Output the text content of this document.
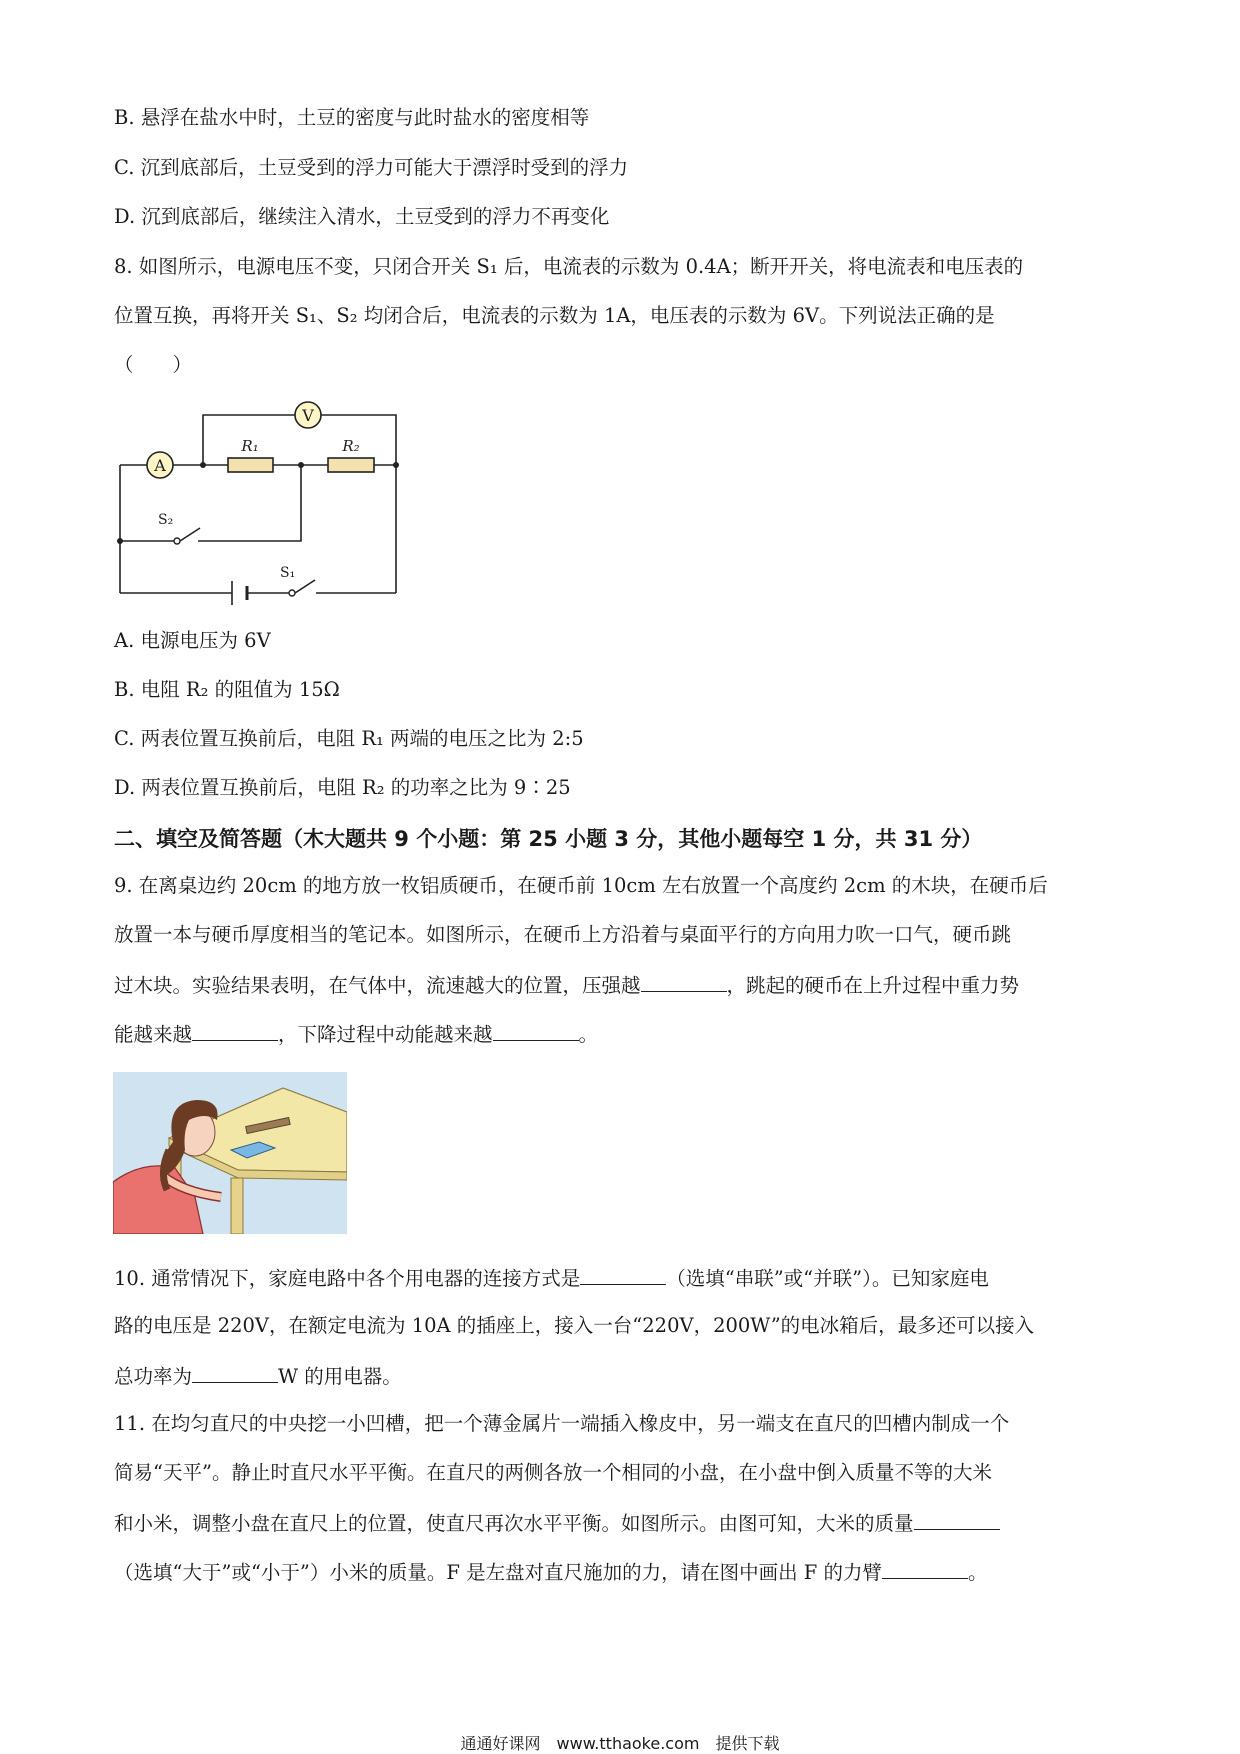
B. 悬浮在盐水中时，土豆的密度与此时盐水的密度相等
C. 沉到底部后，土豆受到的浮力可能大于漂浮时受到的浮力
D. 沉到底部后，继续注入清水，土豆受到的浮力不再变化
8. 如图所示，电源电压不变，只闭合开关 S₁ 后，电流表的示数为 0.4A；断开开关，将电流表和电压表的
位置互换，再将开关 S₁、S₂ 均闭合后，电流表的示数为 1A，电压表的示数为 6V。下列说法正确的是
（　　）
V
A
R₁	R₂
S₂
S₁
A. 电源电压为 6V
B. 电阻 R₂ 的阻值为 15Ω
C. 两表位置互换前后，电阻 R₁ 两端的电压之比为 2:5
D. 两表位置互换前后，电阻 R₂ 的功率之比为 9∶25
二、填空及简答题（木大题共 9 个小题：第 25 小题 3 分，其他小题每空 1 分，共 31 分）
9. 在离桌边约 20cm 的地方放一枚铝质硬币，在硬币前 10cm 左右放置一个高度约 2cm 的木块，在硬币后
放置一本与硬币厚度相当的笔记本。如图所示，在硬币上方沿着与桌面平行的方向用力吹一口气，硬币跳
过木块。实验结果表明，在气体中，流速越大的位置，压强越	，跳起的硬币在上升过程中重力势
能越来越	，下降过程中动能越来越	。
10. 通常情况下，家庭电路中各个用电器的连接方式是	（选填“串联”或“并联”）。已知家庭电
路的电压是 220V，在额定电流为 10A 的插座上，接入一台“220V，200W”的电冰箱后，最多还可以接入
总功率为	W 的用电器。
11. 在均匀直尺的中央挖一小凹槽，把一个薄金属片一端插入橡皮中，另一端支在直尺的凹槽内制成一个
简易“天平”。静止时直尺水平平衡。在直尺的两侧各放一个相同的小盘，在小盘中倒入质量不等的大米
和小米，调整小盘在直尺上的位置，使直尺再次水平平衡。如图所示。由图可知，大米的质量
（选填“大于”或“小于”）小米的质量。F 是左盘对直尺施加的力，请在图中画出 F 的力臂	。
通通好课网　www.tthaoke.com　提供下载
